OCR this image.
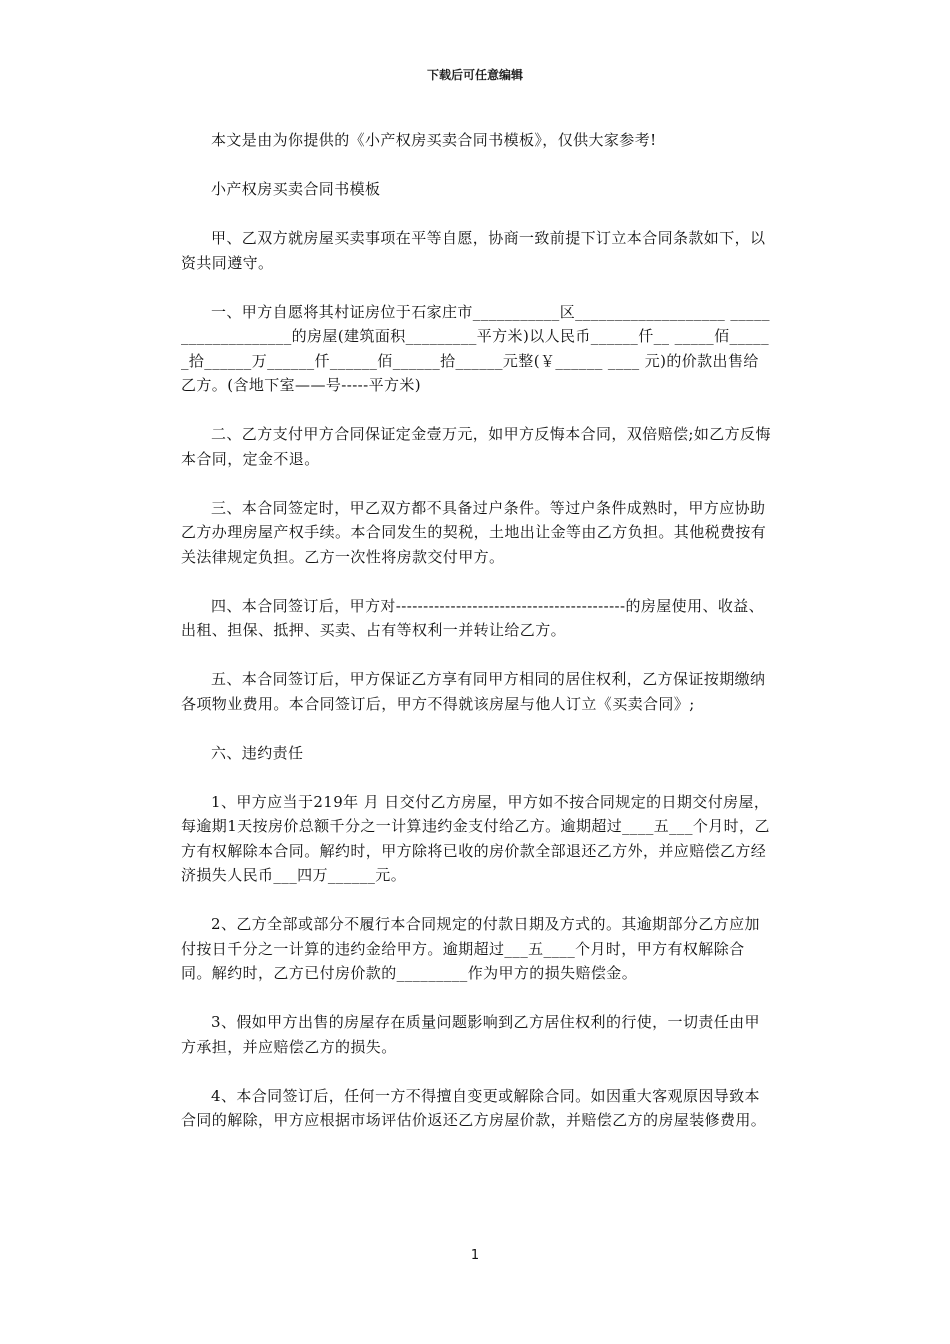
下载后可任意编辑

本文是由为你提供的《小产权房买卖合同书模板》，仅供大家参考!

小产权房买卖合同书模板

甲、乙双方就房屋买卖事项在平等自愿，协商一致前提下订立本合同条款如下，以资共同遵守。

一、甲方自愿将其村证房位于石家庄市___________区___________________ ___________________的房屋(建筑面积_________平方米)以人民币______仟__ _____佰______拾______万______仟______佰______拾______元整(￥______ ____ 元)的价款出售给乙方。(含地下室——号-----平方米)

二、乙方支付甲方合同保证定金壹万元，如甲方反悔本合同，双倍赔偿;如乙方反悔本合同，定金不退。

三、本合同签定时，甲乙双方都不具备过户条件。等过户条件成熟时，甲方应协助乙方办理房屋产权手续。本合同发生的契税，土地出让金等由乙方负担。其他税费按有关法律规定负担。乙方一次性将房款交付甲方。

四、本合同签订后，甲方对------------------------------------------的房屋使用、收益、出租、担保、抵押、买卖、占有等权利一并转让给乙方。

五、本合同签订后，甲方保证乙方享有同甲方相同的居住权利，乙方保证按期缴纳各项物业费用。本合同签订后，甲方不得就该房屋与他人订立《买卖合同》;

六、违约责任

1、甲方应当于219年 月 日交付乙方房屋，甲方如不按合同规定的日期交付房屋，每逾期1天按房价总额千分之一计算违约金支付给乙方。逾期超过____五___个月时，乙方有权解除本合同。解约时，甲方除将已收的房价款全部退还乙方外，并应赔偿乙方经济损失人民币___四万______元。

2、乙方全部或部分不履行本合同规定的付款日期及方式的。其逾期部分乙方应加付按日千分之一计算的违约金给甲方。逾期超过___五____个月时，甲方有权解除合同。解约时，乙方已付房价款的_________作为甲方的损失赔偿金。

3、假如甲方出售的房屋存在质量问题影响到乙方居住权利的行使，一切责任由甲方承担，并应赔偿乙方的损失。

4、本合同签订后，任何一方不得擅自变更或解除合同。如因重大客观原因导致本合同的解除，甲方应根据市场评估价返还乙方房屋价款，并赔偿乙方的房屋装修费用。

1
